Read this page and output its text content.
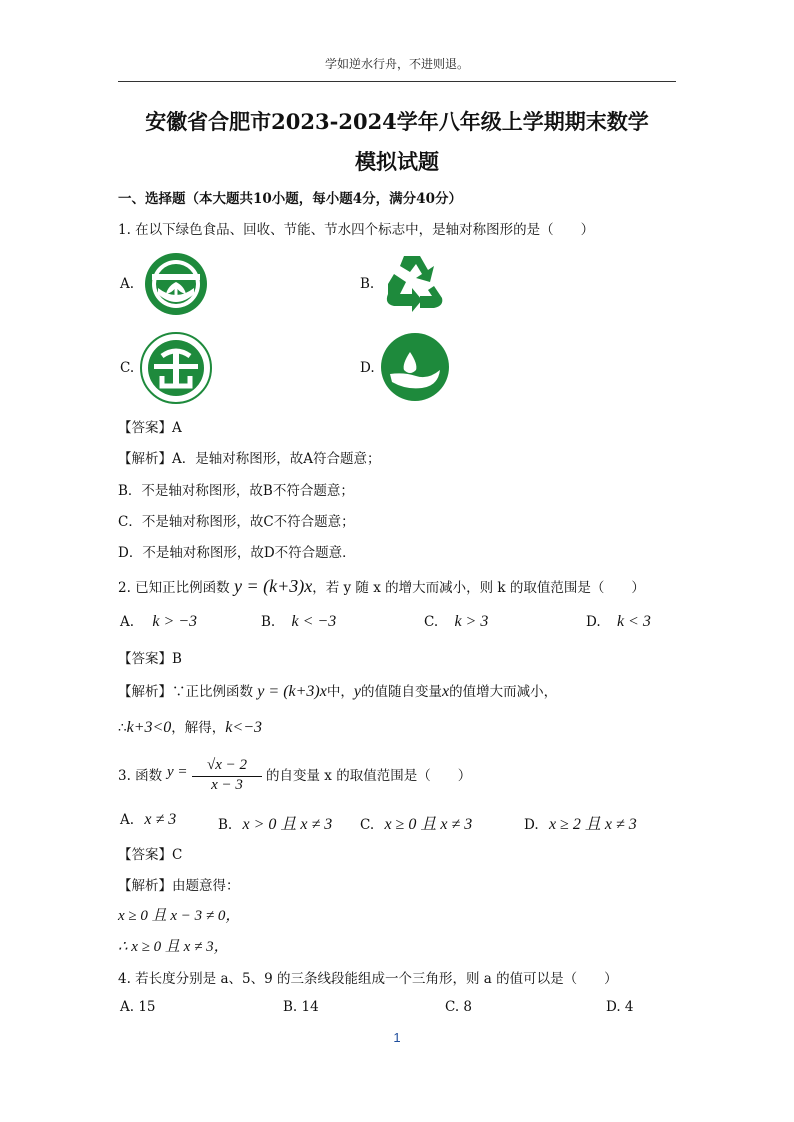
学如逆水行舟，不进则退。
安徽省合肥市2023-2024学年八年级上学期期末数学
模拟试题
一、选择题（本大题共10小题，每小题4分，满分40分）
1. 在以下绿色食品、回收、节能、节水四个标志中，是轴对称图形的是（　　）
A.	B.
C.	D.
【答案】A
【解析】A．是轴对称图形，故A符合题意；
B．不是轴对称图形，故B不符合题意；
C．不是轴对称图形，故C不符合题意；
D．不是轴对称图形，故D不符合题意．
2. 已知正比例函数 y = (k+3)x，若 y 随 x 的增大而减小，则 k 的取值范围是（　　）
A. k > −3	B. k < −3	C. k > 3	D. k < 3
【答案】B
【解析】∵正比例函数 y = (k+3)x中，y的值随自变量x的值增大而减小，
∴k+3<0，解得，k<−3
3. 函数 $y = \frac{√x - 2}{x - 3}$ 的自变量 x 的取值范围是（　　）
A. x ≠ 3	B. x > 0 且 x ≠ 3 C. x ≥ 0 且 x ≠ 3	D. x ≥ 2 且 x ≠ 3
【答案】C
【解析】由题意得：
x ≥ 0 且 x − 3 ≠ 0，
∴ x ≥ 0 且 x ≠ 3，
4. 若长度分别是 a、5、9 的三条线段能组成一个三角形，则 a 的值可以是（　　）
A. 15	B. 14	C. 8	D. 4
1
